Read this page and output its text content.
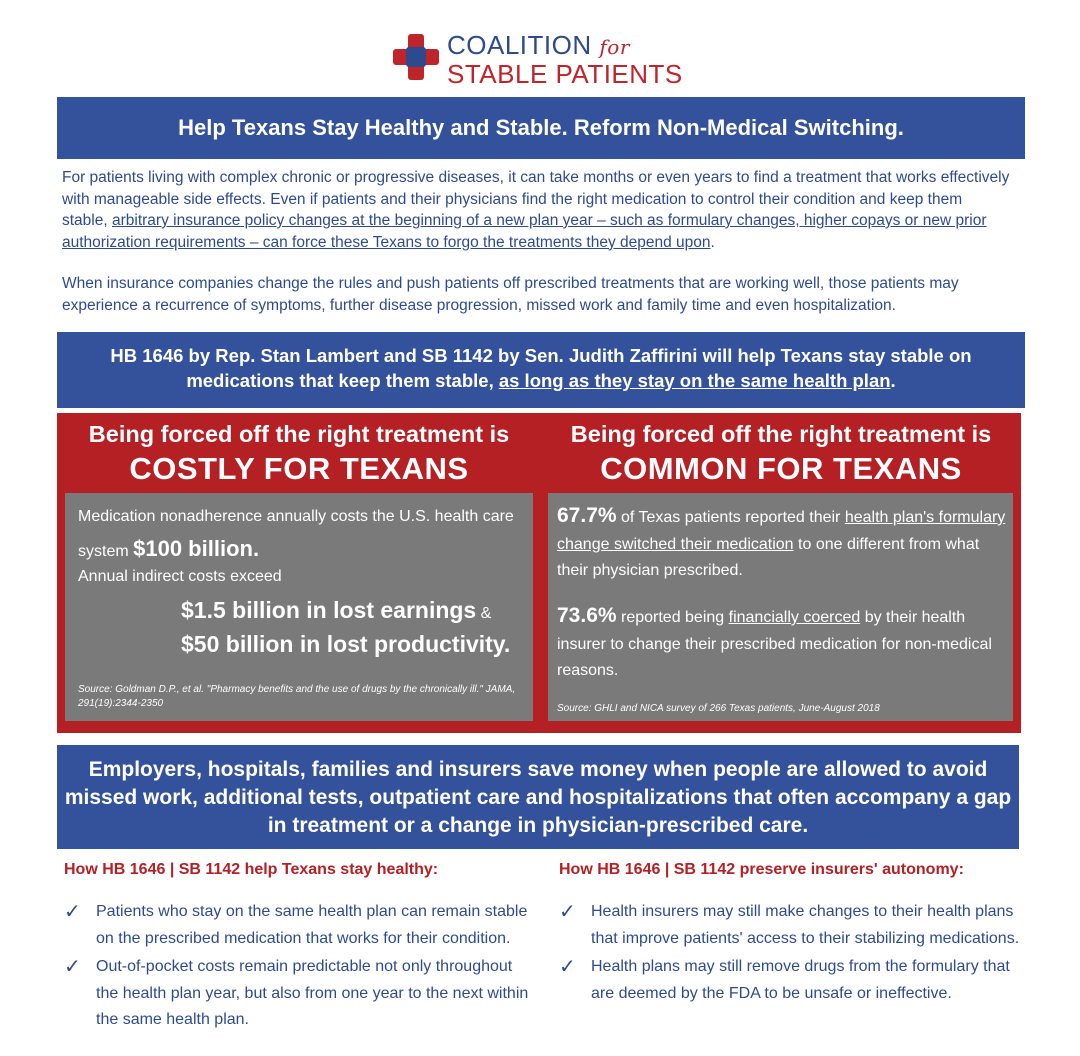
COALITION for
STABLE PATIENTS
Help Texans Stay Healthy and Stable. Reform Non-Medical Switching.
For patients living with complex chronic or progressive diseases, it can take months or even years to find a treatment that works effectively with manageable side effects. Even if patients and their physicians find the right medication to control their condition and keep them stable, arbitrary insurance policy changes at the beginning of a new plan year – such as formulary changes, higher copays or new prior authorization requirements – can force these Texans to forgo the treatments they depend upon.
When insurance companies change the rules and push patients off prescribed treatments that are working well, those patients may experience a recurrence of symptoms, further disease progression, missed work and family time and even hospitalization.
HB 1646 by Rep. Stan Lambert and SB 1142 by Sen. Judith Zaffirini will help Texans stay stable on medications that keep them stable, as long as they stay on the same health plan.
Being forced off the right treatment is
COSTLY FOR TEXANS
Medication nonadherence annually costs the U.S. health care system $100 billion.
Annual indirect costs exceed
$1.5 billion in lost earnings &
$50 billion in lost productivity.
Source: Goldman D.P., et al. "Pharmacy benefits and the use of drugs by the chronically ill." JAMA, 291(19):2344-2350
Being forced off the right treatment is
COMMON FOR TEXANS
67.7% of Texas patients reported their health plan's formulary change switched their medication to one different from what their physician prescribed.
73.6% reported being financially coerced by their health insurer to change their prescribed medication for non-medical reasons.
Source: GHLI and NICA survey of 266 Texas patients, June-August 2018
Employers, hospitals, families and insurers save money when people are allowed to avoid missed work, additional tests, outpatient care and hospitalizations that often accompany a gap in treatment or a change in physician-prescribed care.
How HB 1646 | SB 1142 help Texans stay healthy:	How HB 1646 | SB 1142 preserve insurers' autonomy:
✓ Patients who stay on the same health plan can remain stable on the prescribed medication that works for their condition.
✓ Out-of-pocket costs remain predictable not only throughout the health plan year, but also from one year to the next within the same health plan.
✓ Health insurers may still make changes to their health plans that improve patients' access to their stabilizing medications.
✓ Health plans may still remove drugs from the formulary that are deemed by the FDA to be unsafe or ineffective.
